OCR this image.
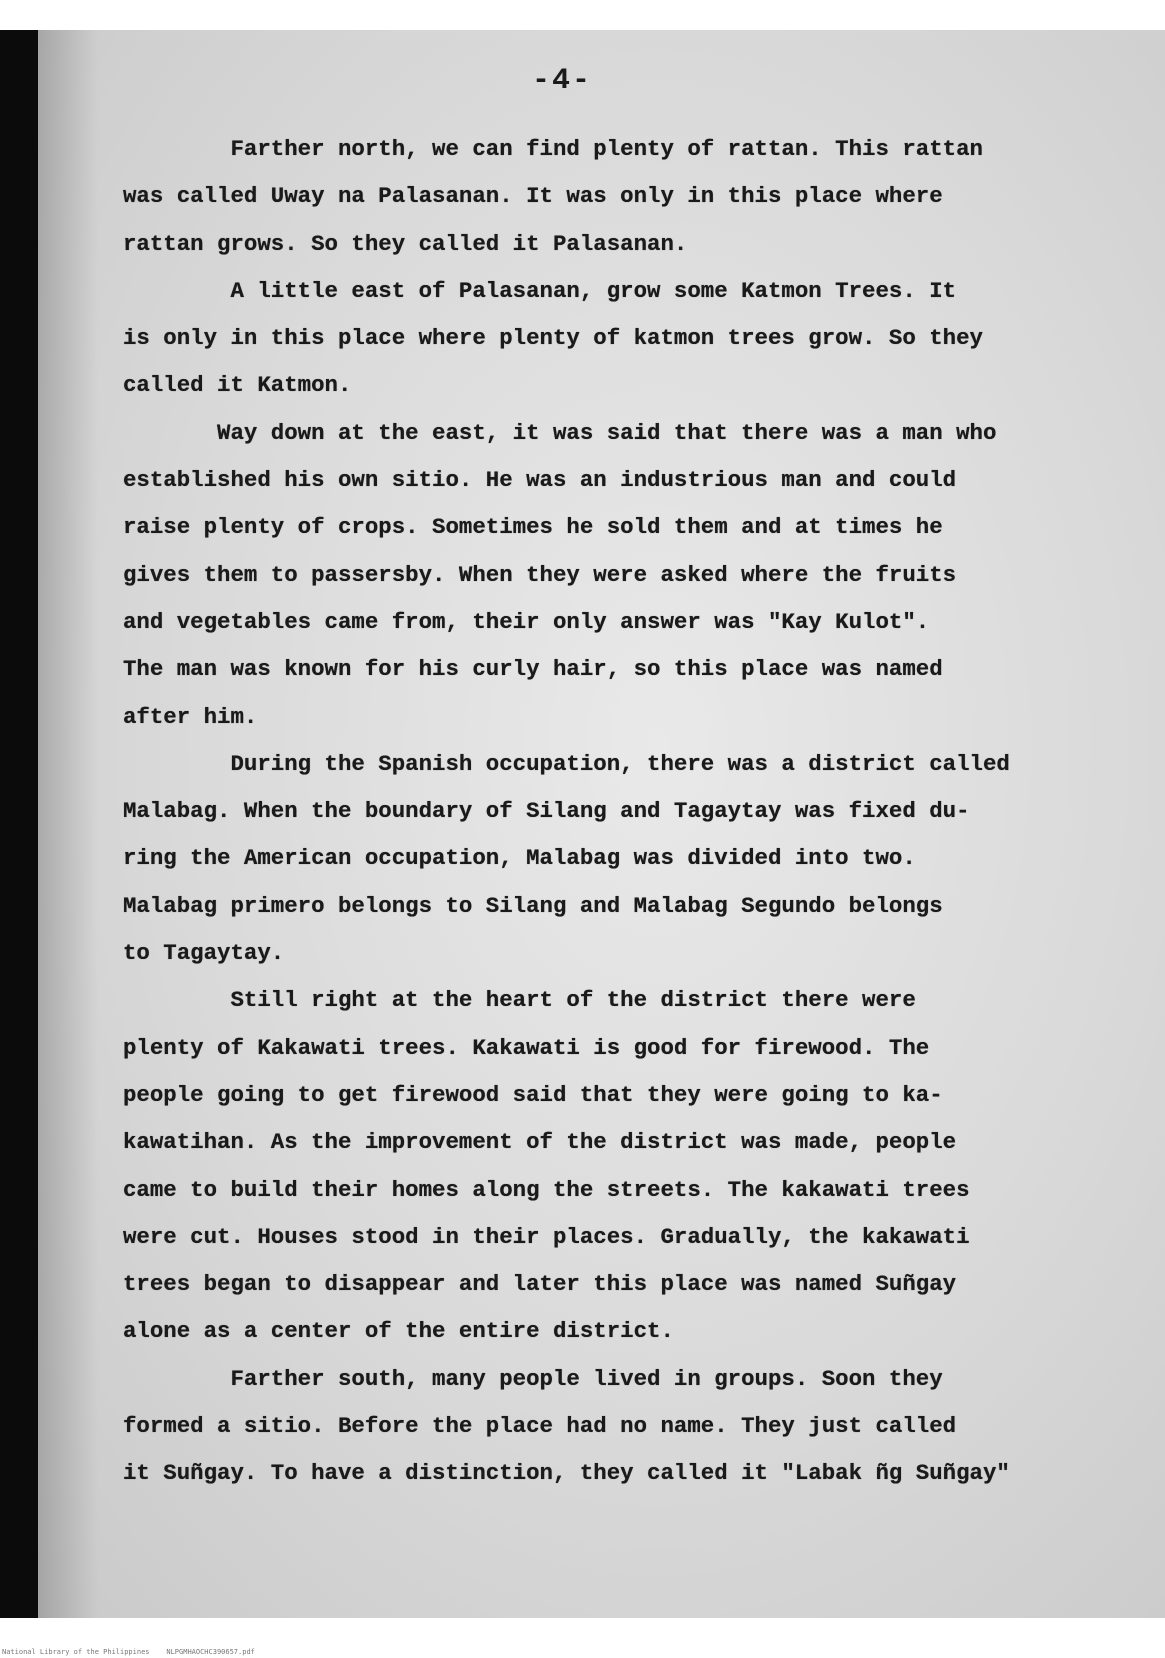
-4-
Farther north, we can find plenty of rattan. This rattan
was called Uway na Palasanan. It was only in this place where
rattan grows. So they called it Palasanan.
A little east of Palasanan, grow some Katmon Trees. It
is only in this place where plenty of katmon trees grow. So they
called it Katmon.
Way down at the east, it was said that there was a man who
established his own sitio. He was an industrious man and could
raise plenty of crops. Sometimes he sold them and at times he
gives them to passersby. When they were asked where the fruits
and vegetables came from, their only answer was "Kay Kulot".
The man was known for his curly hair, so this place was named
after him.
During the Spanish occupation, there was a district called
Malabag. When the boundary of Silang and Tagaytay was fixed du-
ring the American occupation, Malabag was divided into two.
Malabag primero belongs to Silang and Malabag Segundo belongs
to Tagaytay.
Still right at the heart of the district there were
plenty of Kakawati trees. Kakawati is good for firewood. The
people going to get firewood said that they were going to ka-
kawatihan. As the improvement of the district was made, people
came to build their homes along the streets. The kakawati trees
were cut. Houses stood in their places. Gradually, the kakawati
trees began to disappear and later this place was named Suñgay
alone as a center of the entire district.
Farther south, many people lived in groups. Soon they
formed a sitio. Before the place had no name. They just called
it Suñgay. To have a distinction, they called it "Labak ñg Suñgay"
National Library of the Philippines NLPGMHAOCHC390657.pdf
